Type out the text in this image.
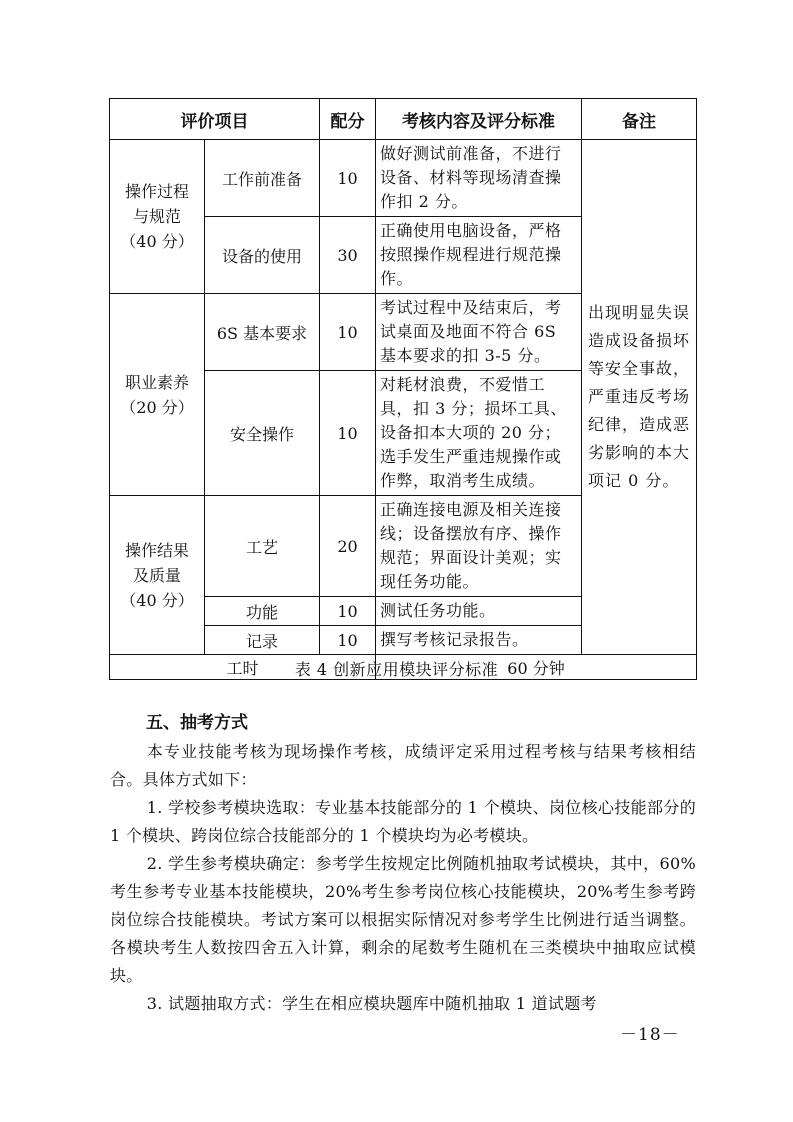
评价项目		配分	考核内容及评分标准	备注

操作过程
与规范
（40 分）	工作前准备	10	做好测试前准备，不进行设备、材料等现场清查操作扣 2 分。	出现明显失误造成设备损坏等安全事故，严重违反考场纪律，造成恶劣影响的本大项记 0 分。
	设备的使用	30	正确使用电脑设备，严格按照操作规程进行规范操作。	

职业素养
（20 分）	6S 基本要求	10	考试过程中及结束后，考试桌面及地面不符合 6S 基本要求的扣 3-5 分。	
	安全操作	10	对耗材浪费，不爱惜工具，扣 3 分；损坏工具、设备扣本大项的 20 分；选手发生严重违规操作或作弊，取消考生成绩。	

操作结果
及质量
（40 分）	工艺	20	正确连接电源及相关连接线；设备摆放有序、操作规范；界面设计美观；实现任务功能。	
	功能	10	测试任务功能。	
	记录	10	撰写考核记录报告。	
工时			60 分钟	
表 4 创新应用模块评分标准
五、抽考方式

本专业技能考核为现场操作考核，成绩评定采用过程考核与结果考核相结合。具体方式如下：

1. 学校参考模块选取：专业基本技能部分的 1 个模块、岗位核心技能部分的 1 个模块、跨岗位综合技能部分的 1 个模块均为必考模块。

2. 学生参考模块确定：参考学生按规定比例随机抽取考试模块，其中，60%考生参考专业基本技能模块，20%考生参考岗位核心技能模块，20%考生参考跨岗位综合技能模块。考试方案可以根据实际情况对参考学生比例进行适当调整。各模块考生人数按四舍五入计算，剩余的尾数考生随机在三类模块中抽取应试模块。

3. 试题抽取方式：学生在相应模块题库中随机抽取 1 道试题考

－18－
